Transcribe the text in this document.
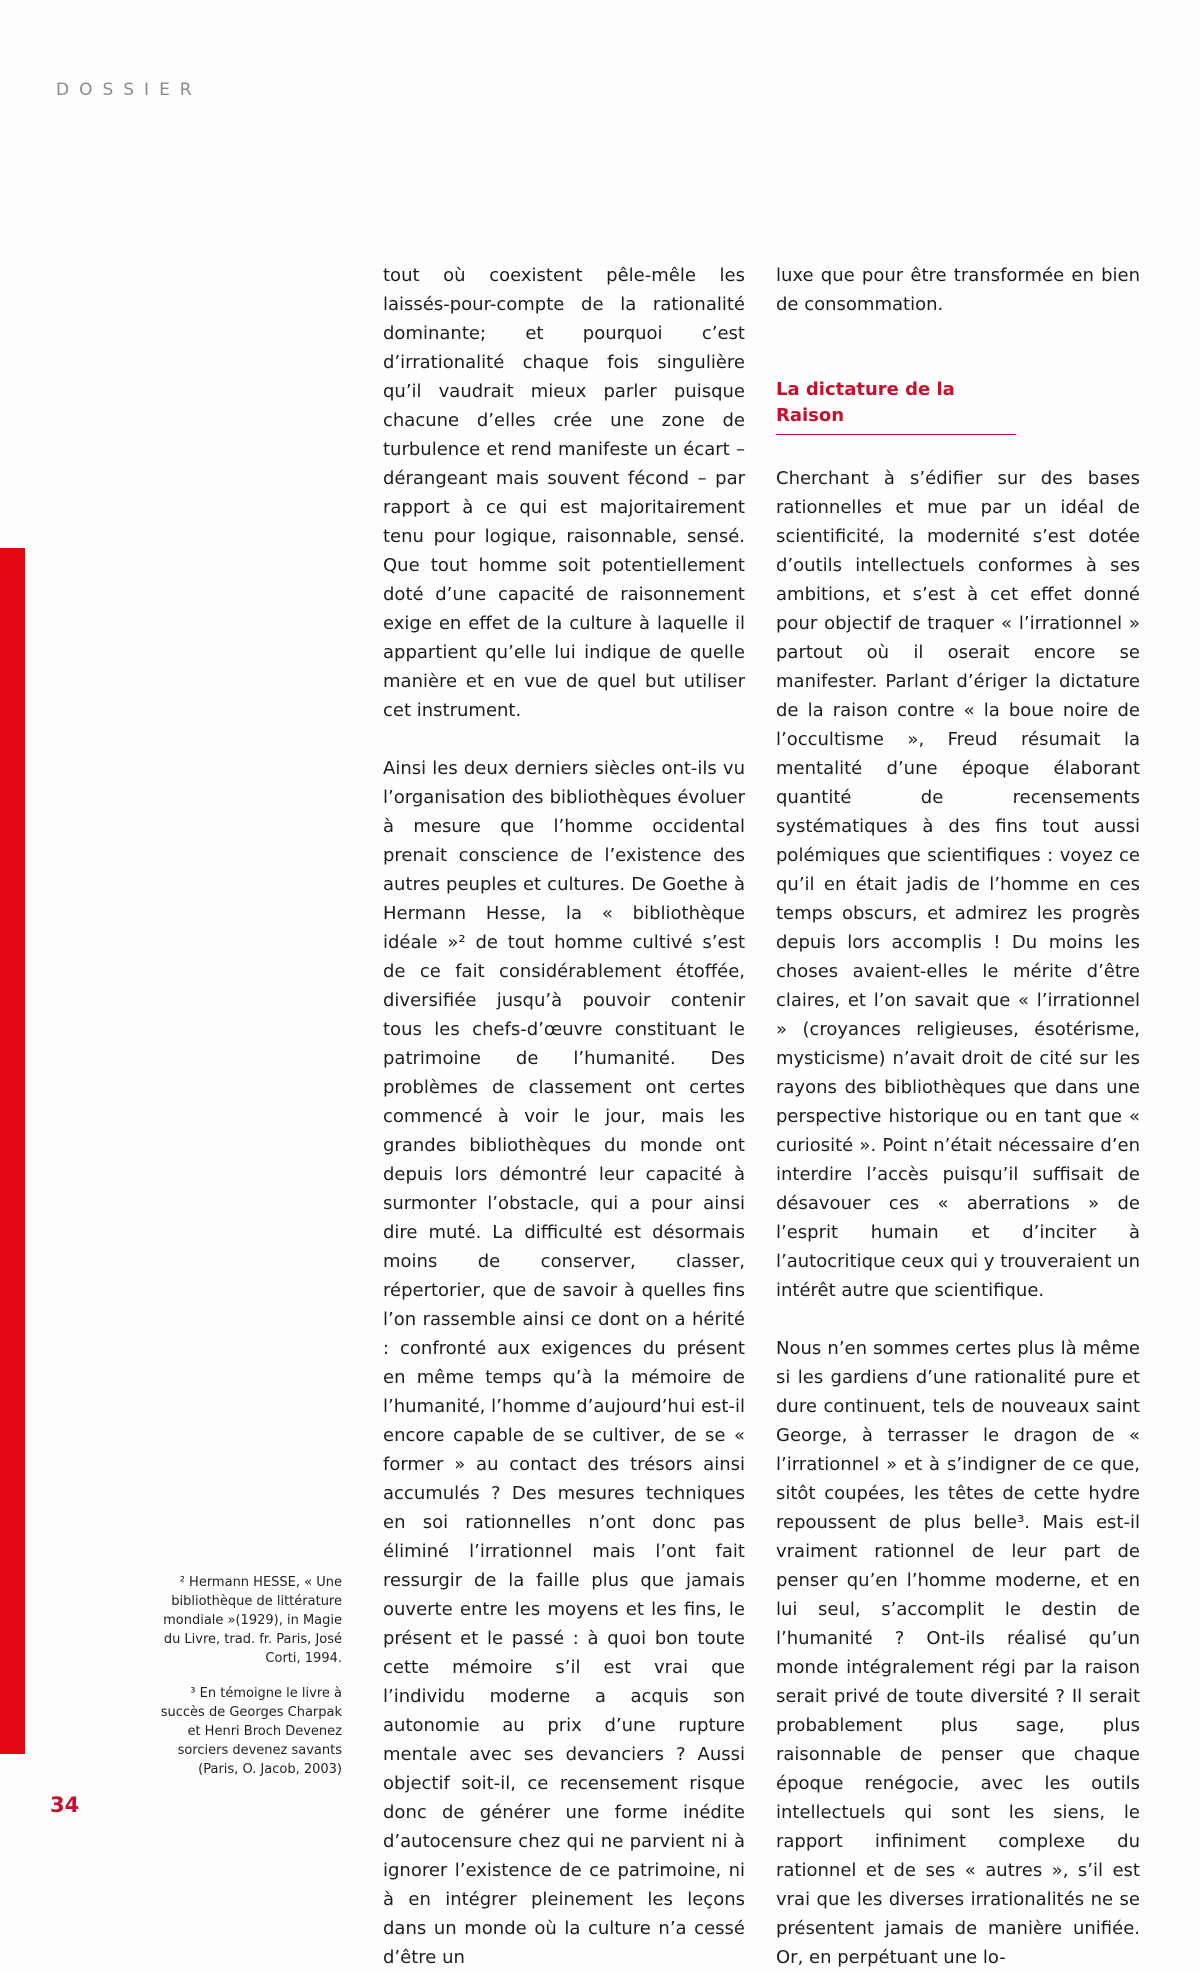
DOSSIER

tout où coexistent pêle-mêle les laissés-pour-compte de la rationalité dominante; et pourquoi c’est d’irrationalité chaque fois singulière qu’il vaudrait mieux parler puisque chacune d’elles crée une zone de turbulence et rend manifeste un écart – dérangeant mais souvent fécond – par rapport à ce qui est majoritairement tenu pour logique, raisonnable, sensé. Que tout homme soit potentiellement doté d’une capacité de raisonnement exige en effet de la culture à laquelle il appartient qu’elle lui indique de quelle manière et en vue de quel but utiliser cet instrument.

Ainsi les deux derniers siècles ont-ils vu l’organisation des bibliothèques évoluer à mesure que l’homme occidental prenait conscience de l’existence des autres peuples et cultures. De Goethe à Hermann Hesse, la « bibliothèque idéale »² de tout homme cultivé s’est de ce fait considérablement étoffée, diversifiée jusqu’à pouvoir contenir tous les chefs-d’œuvre constituant le patrimoine de l’humanité. Des problèmes de classement ont certes commencé à voir le jour, mais les grandes bibliothèques du monde ont depuis lors démontré leur capacité à surmonter l’obstacle, qui a pour ainsi dire muté. La difficulté est désormais moins de conserver, classer, répertorier, que de savoir à quelles fins l’on rassemble ainsi ce dont on a hérité : confronté aux exigences du présent en même temps qu’à la mémoire de l’humanité, l’homme d’aujourd’hui est-il encore capable de se cultiver, de se « former » au contact des trésors ainsi accumulés ? Des mesures techniques en soi rationnelles n’ont donc pas éliminé l’irrationnel mais l’ont fait ressurgir de la faille plus que jamais ouverte entre les moyens et les fins, le présent et le passé : à quoi bon toute cette mémoire s’il est vrai que l’individu moderne a acquis son autonomie au prix d’une rupture mentale avec ses devanciers ? Aussi objectif soit-il, ce recensement risque donc de générer une forme inédite d’autocensure chez qui ne parvient ni à ignorer l’existence de ce patrimoine, ni à en intégrer pleinement les leçons dans un monde où la culture n’a cessé d’être un

luxe que pour être transformée en bien de consommation.

La dictature de la Raison

Cherchant à s’édifier sur des bases rationnelles et mue par un idéal de scientificité, la modernité s’est dotée d’outils intellectuels conformes à ses ambitions, et s’est à cet effet donné pour objectif de traquer « l’irrationnel » partout où il oserait encore se manifester. Parlant d’ériger la dictature de la raison contre « la boue noire de l’occultisme », Freud résumait la mentalité d’une époque élaborant quantité de recensements systématiques à des fins tout aussi polémiques que scientifiques : voyez ce qu’il en était jadis de l’homme en ces temps obscurs, et admirez les progrès depuis lors accomplis ! Du moins les choses avaient-elles le mérite d’être claires, et l’on savait que « l’irrationnel » (croyances religieuses, ésotérisme, mysticisme) n’avait droit de cité sur les rayons des bibliothèques que dans une perspective historique ou en tant que « curiosité ». Point n’était nécessaire d’en interdire l’accès puisqu’il suffisait de désavouer ces « aberrations » de l’esprit humain et d’inciter à l’autocritique ceux qui y trouveraient un intérêt autre que scientifique.

Nous n’en sommes certes plus là même si les gardiens d’une rationalité pure et dure continuent, tels de nouveaux saint George, à terrasser le dragon de « l’irrationnel » et à s’indigner de ce que, sitôt coupées, les têtes de cette hydre repoussent de plus belle³. Mais est-il vraiment rationnel de leur part de penser qu’en l’homme moderne, et en lui seul, s’accomplit le destin de l’humanité ? Ont-ils réalisé qu’un monde intégralement régi par la raison serait privé de toute diversité ? Il serait probablement plus sage, plus raisonnable de penser que chaque époque renégocie, avec les outils intellectuels qui sont les siens, le rapport infiniment complexe du rationnel et de ses « autres », s’il est vrai que les diverses irrationalités ne se présentent jamais de manière unifiée. Or, en perpétuant une lo-

² Hermann HESSE, « Une bibliothèque de littérature mondiale »(1929), in Magie du Livre, trad. fr. Paris, José Corti, 1994.
³ En témoigne le livre à succès de Georges Charpak et Henri Broch Devenez sorciers devenez savants (Paris, O. Jacob, 2003)
34
